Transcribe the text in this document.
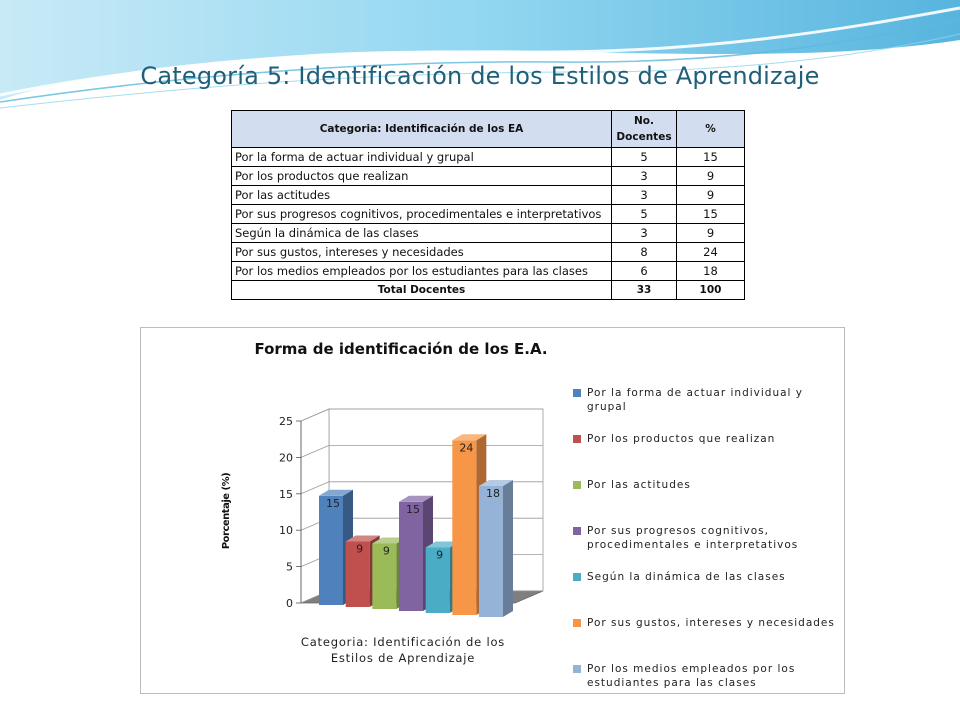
Categoría 5: Identificación de los Estilos de Aprendizaje
Categoria: Identificación de los EA	No. Docentes	%
Por la forma de actuar individual y grupal	5	15
Por los productos que realizan	3	9
Por las actitudes	3	9
Por sus progresos cognitivos, procedimentales e interpretativos	5	15
Según la dinámica de las clases	3	9
Por sus gustos, intereses y necesidades	8	24
Por los medios empleados por los estudiantes para las clases	6	18
Total Docentes	33	100
Forma de identificación de los E.A.
Porcentaje (%)
0
5
10
15
20
25
15
9 9
15
9
24
18
Categoria: Identificación de los
Estilos de Aprendizaje
Por la forma de actuar individual y grupal
Por los productos que realizan
Por las actitudes
Por sus progresos cognitivos, procedimentales e interpretativos
Según la dinámica de las clases
Por sus gustos, intereses y necesidades
Por los medios empleados por los estudiantes para las clases
